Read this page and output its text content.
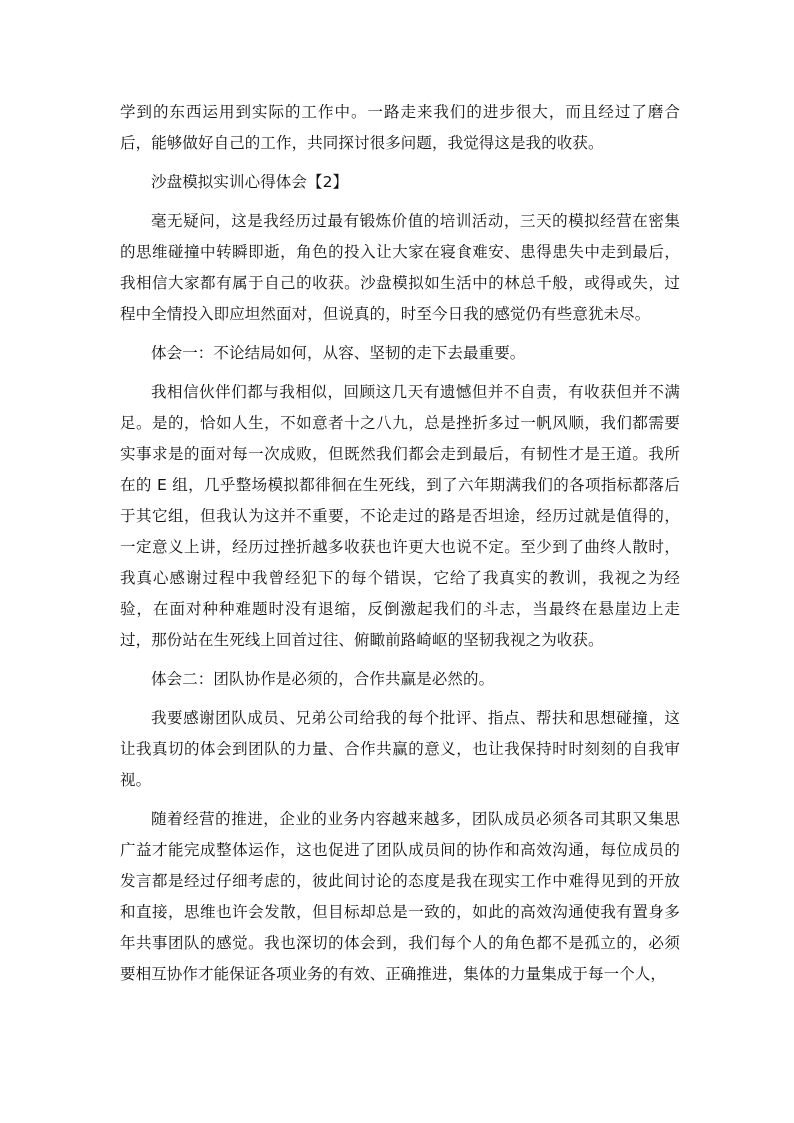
学到的东西运用到实际的工作中。一路走来我们的进步很大，而且经过了磨合后，能够做好自己的工作，共同探讨很多问题，我觉得这是我的收获。

沙盘模拟实训心得体会【2】

毫无疑问，这是我经历过最有锻炼价值的培训活动，三天的模拟经营在密集的思维碰撞中转瞬即逝，角色的投入让大家在寝食难安、患得患失中走到最后，我相信大家都有属于自己的收获。沙盘模拟如生活中的林总千般，或得或失，过程中全情投入即应坦然面对，但说真的，时至今日我的感觉仍有些意犹未尽。

体会一：不论结局如何，从容、坚韧的走下去最重要。

我相信伙伴们都与我相似，回顾这几天有遗憾但并不自责，有收获但并不满足。是的，恰如人生，不如意者十之八九，总是挫折多过一帆风顺，我们都需要实事求是的面对每一次成败，但既然我们都会走到最后，有韧性才是王道。我所在的 E 组，几乎整场模拟都徘徊在生死线，到了六年期满我们的各项指标都落后于其它组，但我认为这并不重要，不论走过的路是否坦途，经历过就是值得的，一定意义上讲，经历过挫折越多收获也许更大也说不定。至少到了曲终人散时，我真心感谢过程中我曾经犯下的每个错误，它给了我真实的教训，我视之为经验，在面对种种难题时没有退缩，反倒激起我们的斗志，当最终在悬崖边上走过，那份站在生死线上回首过往、俯瞰前路崎岖的坚韧我视之为收获。

体会二：团队协作是必须的，合作共赢是必然的。

我要感谢团队成员、兄弟公司给我的每个批评、指点、帮扶和思想碰撞，这让我真切的体会到团队的力量、合作共赢的意义，也让我保持时时刻刻的自我审视。

随着经营的推进，企业的业务内容越来越多，团队成员必须各司其职又集思广益才能完成整体运作，这也促进了团队成员间的协作和高效沟通，每位成员的发言都是经过仔细考虑的，彼此间讨论的态度是我在现实工作中难得见到的开放和直接，思维也许会发散，但目标却总是一致的，如此的高效沟通使我有置身多年共事团队的感觉。我也深切的体会到，我们每个人的角色都不是孤立的，必须要相互协作才能保证各项业务的有效、正确推进，集体的力量集成于每一个人，
